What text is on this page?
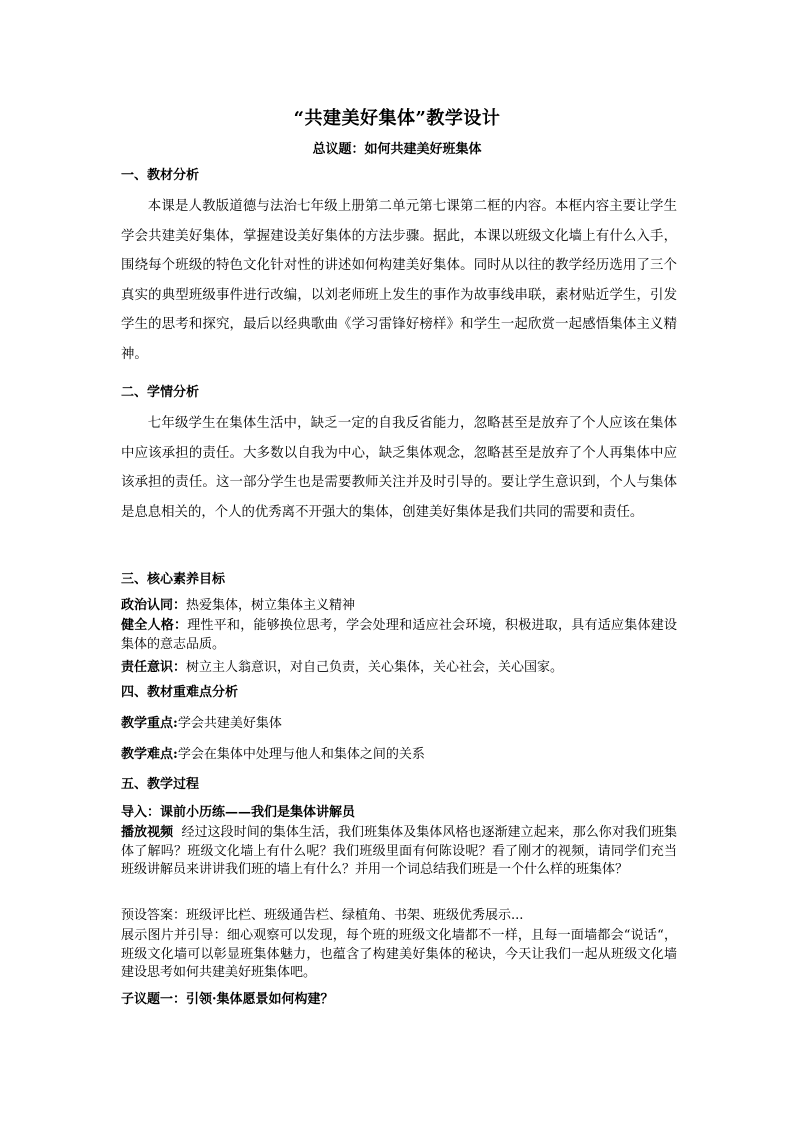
“共建美好集体”教学设计
总议题：如何共建美好班集体
一、教材分析
本课是人教版道德与法治七年级上册第二单元第七课第二框的内容。本框内容主要让学生学会共建美好集体，掌握建设美好集体的方法步骤。据此，本课以班级文化墙上有什么入手，围绕每个班级的特色文化针对性的讲述如何构建美好集体。同时从以往的教学经历选用了三个真实的典型班级事件进行改编，以刘老师班上发生的事作为故事线串联，素材贴近学生，引发学生的思考和探究，最后以经典歌曲《学习雷锋好榜样》和学生一起欣赏一起感悟集体主义精神。
二、学情分析
七年级学生在集体生活中，缺乏一定的自我反省能力，忽略甚至是放弃了个人应该在集体中应该承担的责任。大多数以自我为中心，缺乏集体观念，忽略甚至是放弃了个人再集体中应该承担的责任。这一部分学生也是需要教师关注并及时引导的。要让学生意识到，个人与集体是息息相关的，个人的优秀离不开强大的集体，创建美好集体是我们共同的需要和责任。
三、核心素养目标
政治认同：热爱集体，树立集体主义精神
健全人格：理性平和，能够换位思考，学会处理和适应社会环境，积极进取，具有适应集体建设集体的意志品质。
责任意识：树立主人翁意识，对自己负责，关心集体，关心社会，关心国家。
四、教材重难点分析
教学重点:学会共建美好集体
教学难点:学会在集体中处理与他人和集体之间的关系
五、教学过程
导入：课前小历练——我们是集体讲解员
播放视频 经过这段时间的集体生活，我们班集体及集体风格也逐渐建立起来，那么你对我们班集体了解吗？班级文化墙上有什么呢？我们班级里面有何陈设呢？看了刚才的视频，请同学们充当班级讲解员来讲讲我们班的墙上有什么？并用一个词总结我们班是一个什么样的班集体？
预设答案：班级评比栏、班级通告栏、绿植角、书架、班级优秀展示...
展示图片并引导：细心观察可以发现，每个班的班级文化墙都不一样，且每一面墙都会“说话“，班级文化墙可以彰显班集体魅力，也蕴含了构建美好集体的秘诀，今天让我们一起从班级文化墙建设思考如何共建美好班集体吧。
子议题一：引领·集体愿景如何构建？
